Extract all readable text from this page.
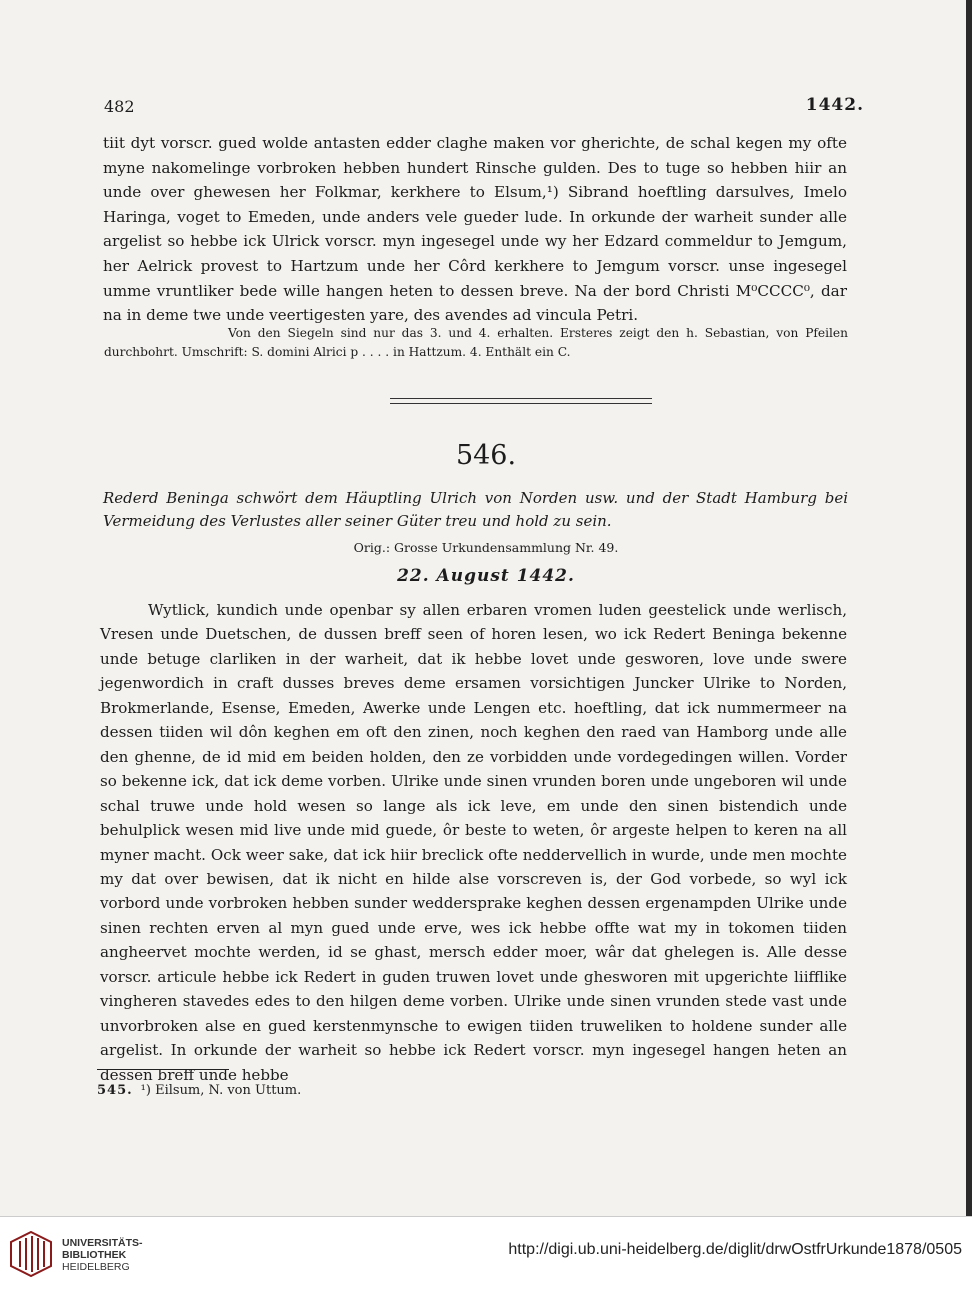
482	1442.
tiit dyt vorscr. gued wolde antasten edder claghe maken vor gherichte, de schal kegen my ofte myne nakomelinge vorbroken hebben hundert Rinsche gulden. Des to tuge so hebben hiir an unde over ghewesen her Folkmar, kerkhere to Elsum,¹) Sibrand hoeftling darsulves, Imelo Haringa, voget to Emeden, unde anders vele gueder lude. In orkunde der warheit sunder alle argelist so hebbe ick Ulrick vorscr. myn ingesegel unde wy her Edzard commeldur to Jemgum, her Aelrick provest to Hartzum unde her Côrd kerkhere to Jemgum vorscr. unse ingesegel umme vruntliker bede wille hangen heten to dessen breve. Na der bord Christi M⁰CCCC⁰, dar na in deme twe unde veertigesten yare, des avendes ad vincula Petri.
Von den Siegeln sind nur das 3. und 4. erhalten. Ersteres zeigt den h. Sebastian, von Pfeilen durchbohrt. Umschrift: S. domini Alrici p . . . . in Hattzum. 4. Enthält ein C.
546.
Rederd Beninga schwört dem Häuptling Ulrich von Norden usw. und der Stadt Hamburg bei Vermeidung des Verlustes aller seiner Güter treu und hold zu sein.
Orig.: Grosse Urkundensammlung Nr. 49.
22. August 1442.
Wytlick, kundich unde openbar sy allen erbaren vromen luden geestelick unde werlisch, Vresen unde Duetschen, de dussen breff seen of horen lesen, wo ick Redert Beninga bekenne unde betuge clarliken in der warheit, dat ik hebbe lovet unde gesworen, love unde swere jegenwordich in craft dusses breves deme ersamen vorsichtigen Juncker Ulrike to Norden, Brokmerlande, Esense, Emeden, Awerke unde Lengen etc. hoeftling, dat ick nummermeer na dessen tiiden wil dôn keghen em oft den zinen, noch keghen den raed van Hamborg unde alle den ghenne, de id mid em beiden holden, den ze vorbidden unde vordegedingen willen. Vorder so bekenne ick, dat ick deme vorben. Ulrike unde sinen vrunden boren unde ungeboren wil unde schal truwe unde hold wesen so lange als ick leve, em unde den sinen bistendich unde behulplick wesen mid live unde mid guede, ôr beste to weten, ôr argeste helpen to keren na all myner macht. Ock weer sake, dat ick hiir breclick ofte neddervellich in wurde, unde men mochte my dat over bewisen, dat ik nicht en hilde alse vorscreven is, der God vorbede, so wyl ick vorbord unde vorbroken hebben sunder weddersprake keghen dessen ergenampden Ulrike unde sinen rechten erven al myn gued unde erve, wes ick hebbe offte wat my in tokomen tiiden angheervet mochte werden, id se ghast, mersch edder moer, wâr dat ghelegen is. Alle desse vorscr. articule hebbe ick Redert in guden truwen lovet unde ghesworen mit upgerichte liifflike vingheren stavedes edes to den hilgen deme vorben. Ulrike unde sinen vrunden stede vast unde unvorbroken alse en gued kerstenmynsche to ewigen tiiden truweliken to holdene sunder alle argelist. In orkunde der warheit so hebbe ick Redert vorscr. myn ingesegel hangen heten an dessen breff unde hebbe
545. ¹) Eilsum, N. von Uttum.
UNIVERSITÄTS-
BIBLIOTHEK
HEIDELBERG
http://digi.ub.uni-heidelberg.de/diglit/drwOstfrUrkunde1878/0505
